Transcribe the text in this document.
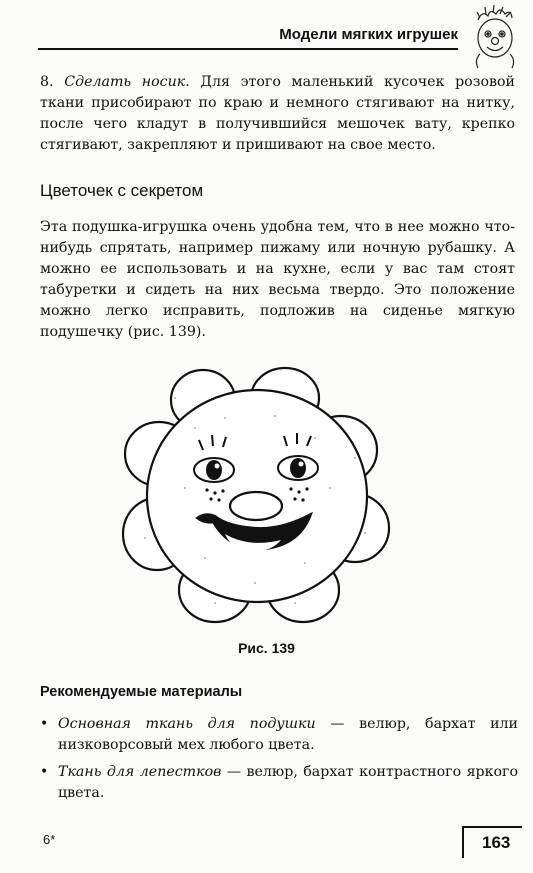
Модели мягких игрушек

8. Сделать носик. Для этого маленький кусочек розовой ткани присобирают по краю и немного стягивают на нитку, после чего кладут в получившийся мешочек вату, крепко стягивают, закрепляют и пришивают на свое место.

Цветочек с секретом

Эта подушка-игрушка очень удобна тем, что в нее можно что-нибудь спрятать, например пижаму или ночную рубашку. А можно ее использовать и на кухне, если у вас там стоят табуретки и сидеть на них весьма твердо. Это положение можно легко исправить, подложив на сиденье мягкую подушечку (рис. 139).

Рис. 139
Рекомендуемые материалы
• Основная ткань для подушки — велюр, бархат или низковорсовый мех любого цвета.
• Ткань для лепестков — велюр, бархат контрастного яркого цвета.
6*	163
